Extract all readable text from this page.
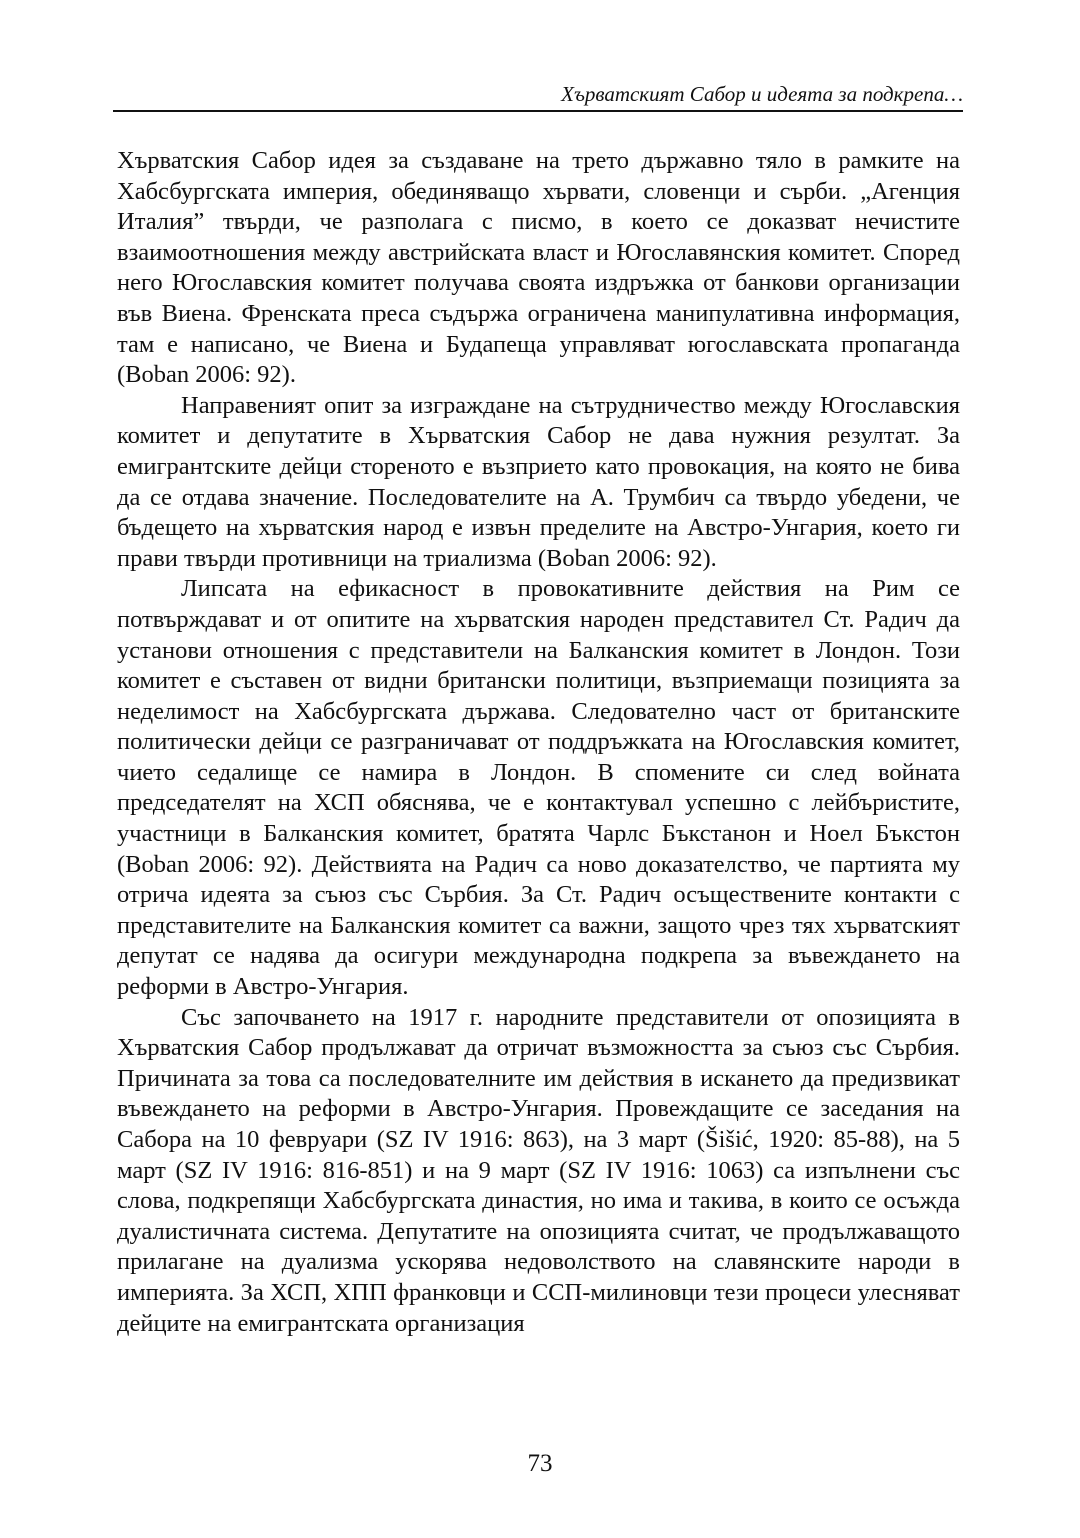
Хърватският Сабор и идеята за подкрепа…

Хърватския Сабор идея за създаване на трето държавно тяло в рамките на Хабсбургската империя, обединяващо хървати, словенци и сърби. „Агенция Италия” твърди, че разполага с писмо, в което се доказват нечистите взаимоотношения между австрийската власт и Югославянския комитет. Според него Югославския комитет получава своята издръжка от банкови организации във Виена. Френската преса съдържа ограничена манипулативна информация, там е написано, че Виена и Будапеща управляват югославската пропаганда (Boban 2006: 92).

Направеният опит за изграждане на сътрудничество между Югославския комитет и депутатите в Хърватския Сабор не дава нужния резултат. За емигрантските дейци стореното е възприето като провокация, на която не бива да се отдава значение. Последователите на А. Трумбич са твърдо убедени, че бъдещето на хърватския народ е извън пределите на Австро-Унгария, което ги прави твърди противници на триализма (Boban 2006: 92).

Липсата на ефикасност в провокативните действия на Рим се потвърждават и от опитите на хърватския народен представител Ст. Радич да установи отношения с представители на Балканския комитет в Лондон. Този комитет е съставен от видни британски политици, възприемащи позицията за неделимост на Хабсбургската държава. Следователно част от британските политически дейци се разграничават от поддръжката на Югославския комитет, чието седалище се намира в Лондон. В спомените си след войната председателят на ХСП обяснява, че е контактувал успешно с лейбъристите, участници в Балканския комитет, братята Чарлс Бъкстанон и Ноел Бъкстон (Boban 2006: 92). Действията на Радич са ново доказателство, че партията му отрича идеята за съюз със Сърбия. За Ст. Радич осъществените контакти с представителите на Балканския комитет са важни, защото чрез тях хърватският депутат се надява да осигури международна подкрепа за въвеждането на реформи в Австро-Унгария.

Със започването на 1917 г. народните представители от опозицията в Хърватския Сабор продължават да отричат възможността за съюз със Сърбия. Причината за това са последователните им действия в искането да предизвикат въвеждането на реформи в Австро-Унгария. Провеждащите се заседания на Сабора на 10 февруари (SZ IV 1916: 863), на 3 март (Šišić, 1920: 85-88), на 5 март (SZ IV 1916: 816-851) и на 9 март (SZ IV 1916: 1063) са изпълнени със слова, подкрепящи Хабсбургската династия, но има и такива, в които се осъжда дуалистичната система. Депутатите на опозицията считат, че продължаващото прилагане на дуализма ускорява недоволството на славянските народи в империята. За ХСП, ХПП франковци и ССП-милиновци тези процеси улесняват дейците на емигрантската организация

73
